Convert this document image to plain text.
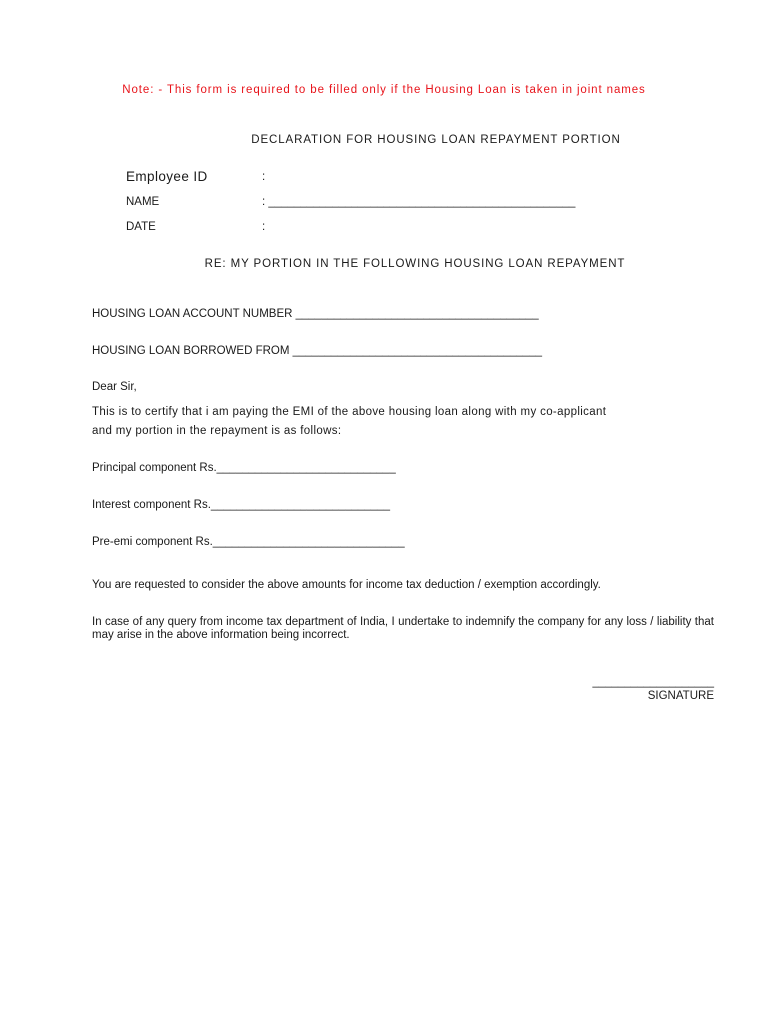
Note: - This form is required to be filled only if the Housing Loan is taken in joint names
DECLARATION FOR HOUSING LOAN REPAYMENT PORTION
Employee ID	:
NAME	: ________________________________________________
DATE	:
RE: MY PORTION IN THE FOLLOWING HOUSING LOAN REPAYMENT
HOUSING LOAN ACCOUNT NUMBER ______________________________________
HOUSING LOAN BORROWED FROM _______________________________________
Dear Sir,
This is to certify that i am paying the EMI of the above housing loan along with my co-applicant
and my portion in the repayment is as follows:
Principal component Rs.____________________________
Interest component Rs.____________________________
Pre-emi component Rs.______________________________
You are requested to consider the above amounts for income tax deduction / exemption accordingly.
In case of any query from income tax department of India, I undertake to indemnify the company for any loss / liability that may arise in the above information being incorrect.
___________________
SIGNATURE
